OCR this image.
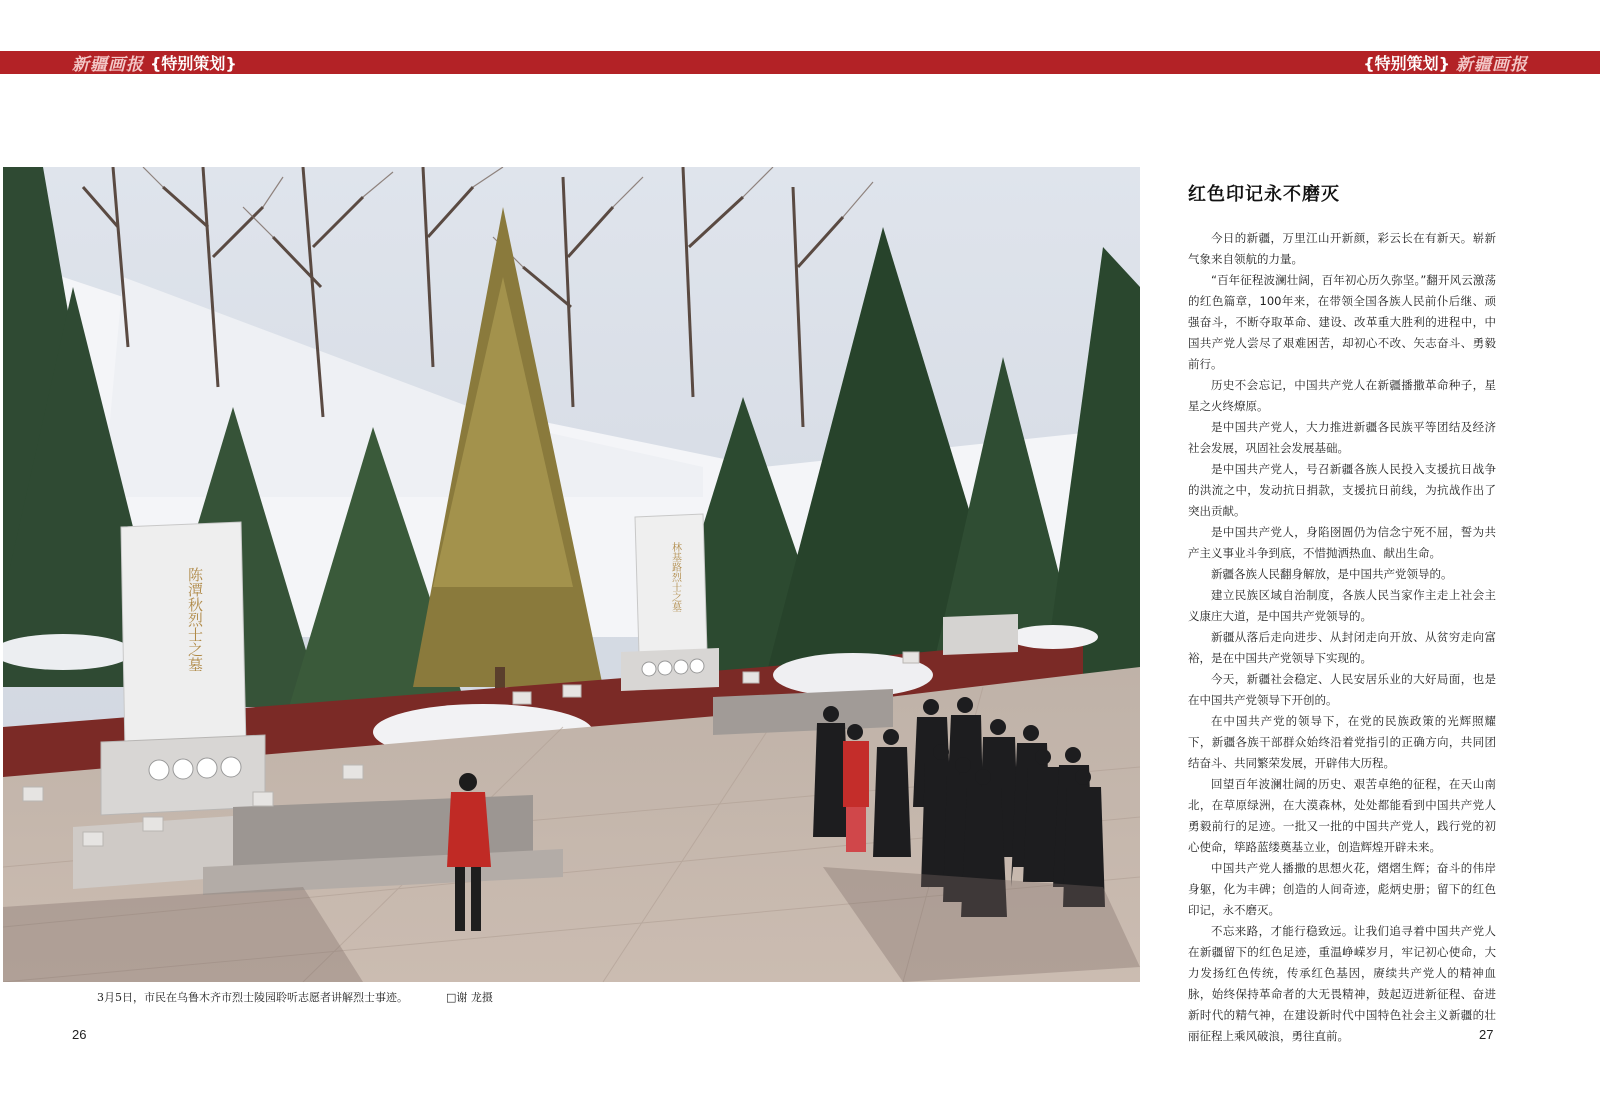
新疆画报 {特别策划}	{特别策划} 新疆画报
陈潭秋烈士之墓	林基路烈士之墓
3月5日，市民在乌鲁木齐市烈士陵园聆听志愿者讲解烈士事迹。	□谢 龙摄
26	27
红色印记永不磨灭

今日的新疆，万里江山开新颜，彩云长在有新天。崭新气象来自领航的力量。

“百年征程波澜壮阔，百年初心历久弥坚。”翻开风云激荡的红色篇章，100年来，在带领全国各族人民前仆后继、顽强奋斗，不断夺取革命、建设、改革重大胜利的进程中，中国共产党人尝尽了艰难困苦，却初心不改、矢志奋斗、勇毅前行。

历史不会忘记，中国共产党人在新疆播撒革命种子，星星之火终燎原。

是中国共产党人，大力推进新疆各民族平等团结及经济社会发展，巩固社会发展基础。

是中国共产党人，号召新疆各族人民投入支援抗日战争的洪流之中，发动抗日捐款，支援抗日前线，为抗战作出了突出贡献。

是中国共产党人，身陷囹圄仍为信念宁死不屈，誓为共产主义事业斗争到底，不惜抛洒热血、献出生命。

新疆各族人民翻身解放，是中国共产党领导的。

建立民族区域自治制度，各族人民当家作主走上社会主义康庄大道，是中国共产党领导的。

新疆从落后走向进步、从封闭走向开放、从贫穷走向富裕，是在中国共产党领导下实现的。

今天，新疆社会稳定、人民安居乐业的大好局面，也是在中国共产党领导下开创的。

在中国共产党的领导下，在党的民族政策的光辉照耀下，新疆各族干部群众始终沿着党指引的正确方向，共同团结奋斗、共同繁荣发展，开辟伟大历程。

回望百年波澜壮阔的历史、艰苦卓绝的征程，在天山南北，在草原绿洲，在大漠森林，处处都能看到中国共产党人勇毅前行的足迹。一批又一批的中国共产党人，践行党的初心使命，筚路蓝缕奠基立业，创造辉煌开辟未来。

中国共产党人播撒的思想火花，熠熠生辉；奋斗的伟岸身躯，化为丰碑；创造的人间奇迹，彪炳史册；留下的红色印记，永不磨灭。

不忘来路，才能行稳致远。让我们追寻着中国共产党人在新疆留下的红色足迹，重温峥嵘岁月，牢记初心使命，大力发扬红色传统，传承红色基因，赓续共产党人的精神血脉，始终保持革命者的大无畏精神，鼓起迈进新征程、奋进新时代的精气神，在建设新时代中国特色社会主义新疆的壮丽征程上乘风破浪，勇往直前。
